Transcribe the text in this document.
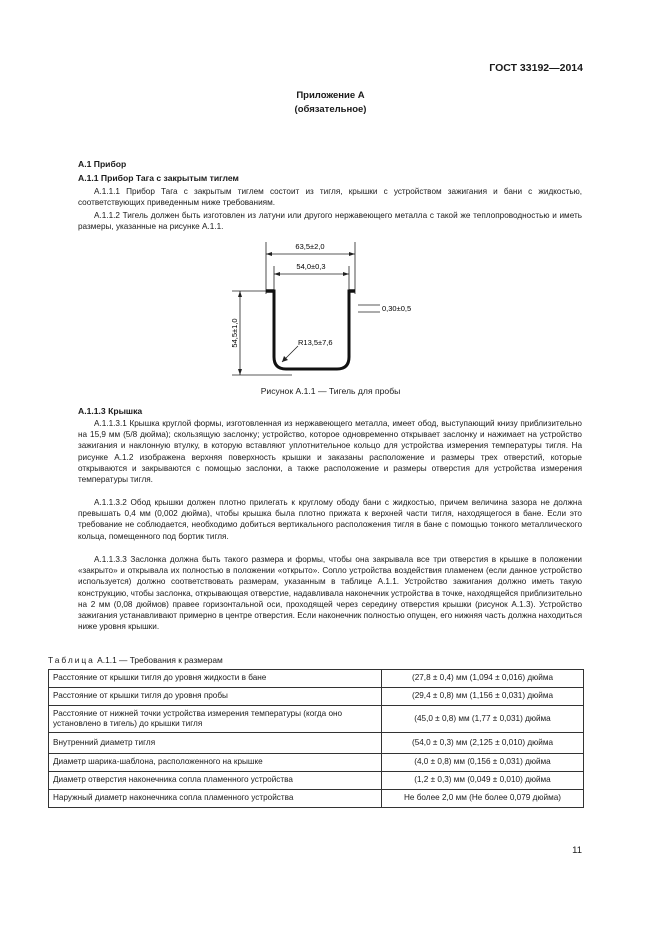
ГОСТ 33192—2014
Приложение А
(обязательное)
А.1 Прибор
А.1.1 Прибор Тага с закрытым тиглем

А.1.1.1 Прибор Тага с закрытым тиглем состоит из тигля, крышки с устройством зажигания и бани с жидкостью, соответствующих приведенным ниже требованиям.

А.1.1.2 Тигель должен быть изготовлен из латуни или другого нержавеющего металла с такой же теплопроводностью и иметь размеры, указанные на рисунке А.1.1.

63,5±2,0
54,0±0,3
0,30±0,5
54,5±1,0	R13,5±7,6
Рисунок А.1.1 — Тигель для пробы
А.1.1.3 Крышка

А.1.1.3.1 Крышка круглой формы, изготовленная из нержавеющего металла, имеет обод, выступающий книзу приблизительно на 15,9 мм (5/8 дюйма); скользящую заслонку; устройство, которое одновременно открывает заслонку и нажимает на устройство зажигания и наклонную втулку, в которую вставляют уплотнительное кольцо для устройства измерения температуры тигля. На рисунке А.1.2 изображена верхняя поверхность крышки и заказаны расположение и размеры трех отверстий, которые открываются и закрываются с помощью заслонки, а также расположение и размеры отверстия для устройства измерения температуры тигля.

А.1.1.3.2 Обод крышки должен плотно прилегать к круглому ободу бани с жидкостью, причем величина зазора не должна превышать 0,4 мм (0,002 дюйма), чтобы крышка была плотно прижата к верхней части тигля, находящегося в бане. Если это требование не соблюдается, необходимо добиться вертикального расположения тигля в бане с помощью тонкого металлического кольца, помещенного под бортик тигля.

А.1.1.3.3 Заслонка должна быть такого размера и формы, чтобы она закрывала все три отверстия в крышке в положении «закрыто» и открывала их полностью в положении «открыто». Сопло устройства воздействия пламенем (если данное устройство используется) должно соответствовать размерам, указанным в таблице А.1.1. Устройство зажигания должно иметь такую конструкцию, чтобы заслонка, открывающая отверстие, надавливала наконечник устройства в точке, находящейся приблизительно на 2 мм (0,08 дюймов) правее горизонтальной оси, проходящей через середину отверстия крышки (рисунок А.1.3). Устройство зажигания устанавливают примерно в центре отверстия. Если наконечник полностью опущен, его нижняя часть должна находиться ниже уровня крышки.

Таблица А.1.1 — Требования к размерам
Расстояние от крышки тигля до уровня жидкости в бане	(27,8 ± 0,4) мм (1,094 ± 0,016) дюйма
Расстояние от крышки тигля до уровня пробы	(29,4 ± 0,8) мм (1,156 ± 0,031) дюйма
Расстояние от нижней точки устройства измерения температуры (когда оно установлено в тигель) до крышки тигля	(45,0 ± 0,8) мм (1,77 ± 0,031) дюйма
Внутренний диаметр тигля	(54,0 ± 0,3) мм (2,125 ± 0,010) дюйма
Диаметр шарика-шаблона, расположенного на крышке	(4,0 ± 0,8) мм (0,156 ± 0,031) дюйма
Диаметр отверстия наконечника сопла пламенного устройства	(1,2 ± 0,3) мм (0,049 ± 0,010) дюйма
Наружный диаметр наконечника сопла пламенного устройства	Не более 2,0 мм (Не более 0,079 дюйма)
11
